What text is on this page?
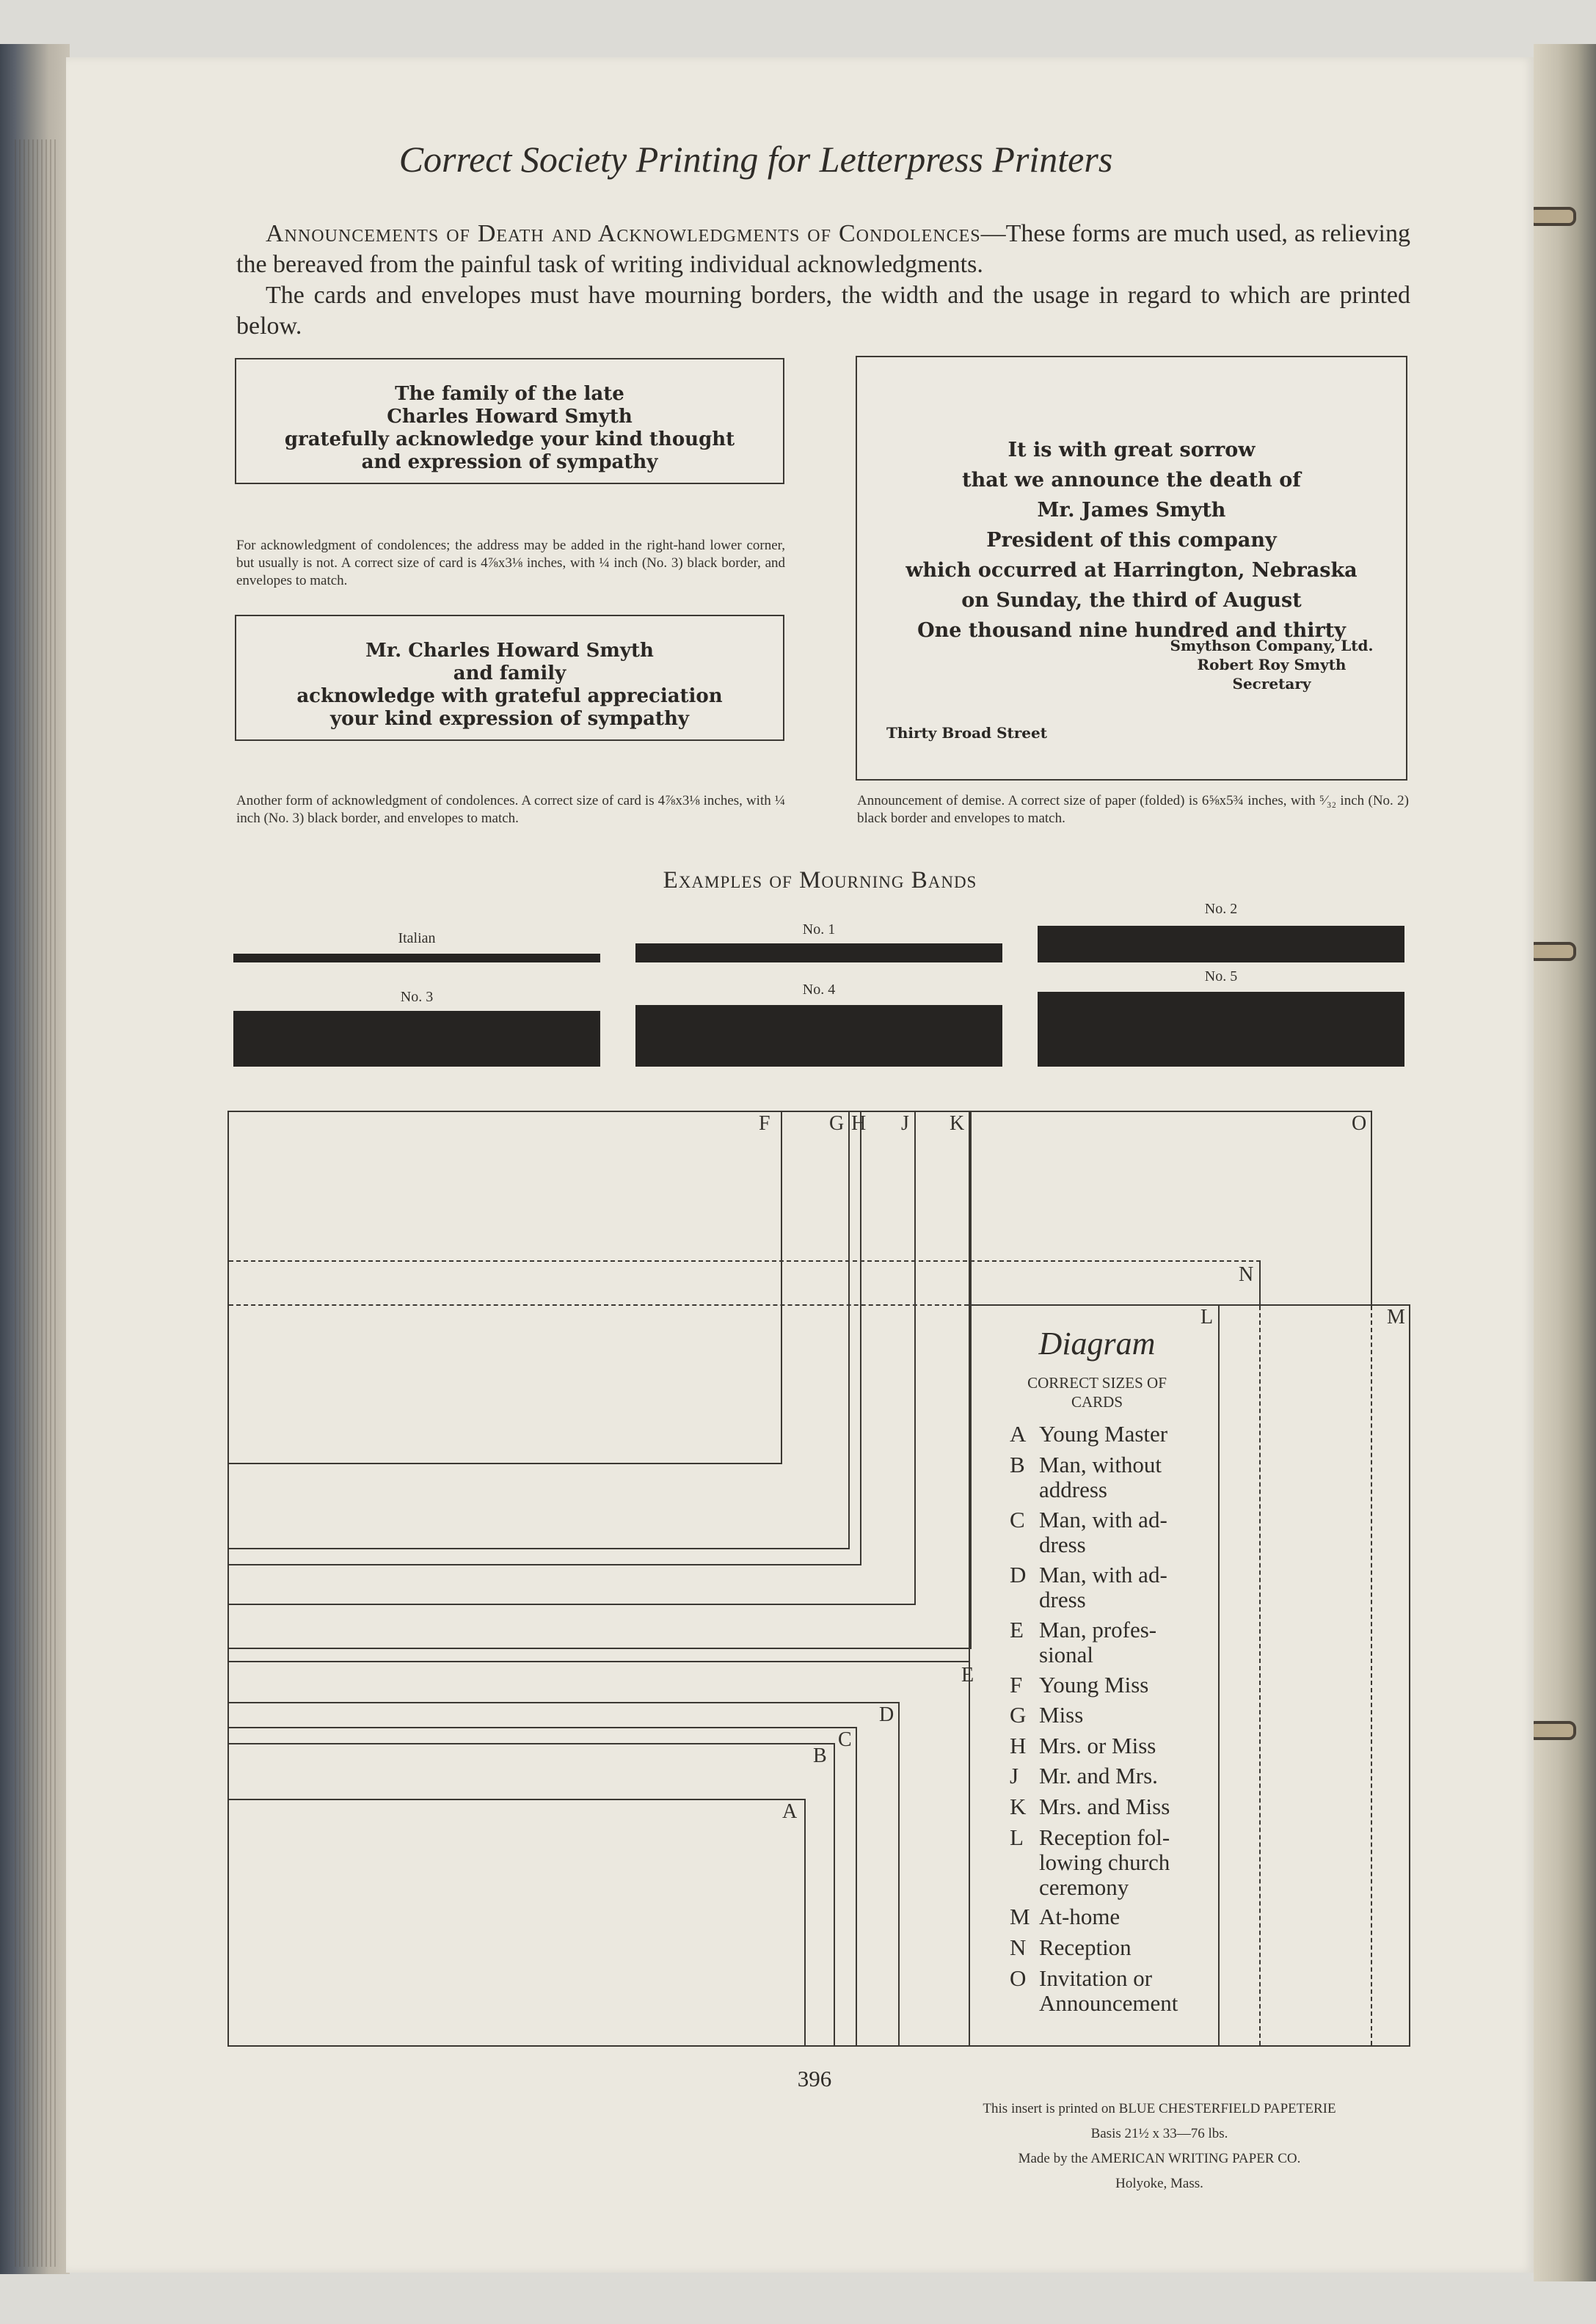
Correct Society Printing for Letterpress Printers
Announcements of Death and Acknowledgments of Condolences—These forms are much used, as relieving the bereaved from the painful task of writing individual acknowledgments.
The cards and envelopes must have mourning borders, the width and the usage in regard to which are printed below.
The family of the late
Charles Howard Smyth
gratefully acknowledge your kind thought
and expression of sympathy
For acknowledgment of condolences; the address may be added in the right-hand lower corner, but usually is not. A correct size of card is 4⅞x3⅛ inches, with ¼ inch (No. 3) black border, and envelopes to match.
Mr. Charles Howard Smyth
and family
acknowledge with grateful appreciation
your kind expression of sympathy
Another form of acknowledgment of condolences. A correct size of card is 4⅞x3⅛ inches, with ¼ inch (No. 3) black border, and envelopes to match.
It is with great sorrow
that we announce the death of
Mr. James Smyth
President of this company
which occurred at Harrington, Nebraska
on Sunday, the third of August
One thousand nine hundred and thirty
Smythson Company, Ltd.
Robert Roy Smyth
Secretary
Thirty Broad Street
Announcement of demise. A correct size of paper (folded) is 6⅝x5¾ inches, with ⁵⁄₃₂ inch (No. 2) black border and envelopes to match.
Examples of Mourning Bands
Italian
No. 1
No. 2
No. 3	No. 4
No. 5
F	G H J K	O
N
L	M
E
D
C
B
A
Diagram
CORRECT SIZES OF CARDS
A Young Master
B Man, without
address
C Man, with ad-
dress
D Man, with ad-
dress
E Man, profes-
sional
F Young Miss
G Miss
H Mrs. or Miss
J Mr. and Mrs.
K Mrs. and Miss
L Reception fol-
lowing church
ceremony
M At-home
N Reception
O Invitation or
Announcement
396
This insert is printed on BLUE CHESTERFIELD PAPETERIE
Basis 21½ x 33—76 lbs.
Made by the AMERICAN WRITING PAPER CO.
Holyoke, Mass.
